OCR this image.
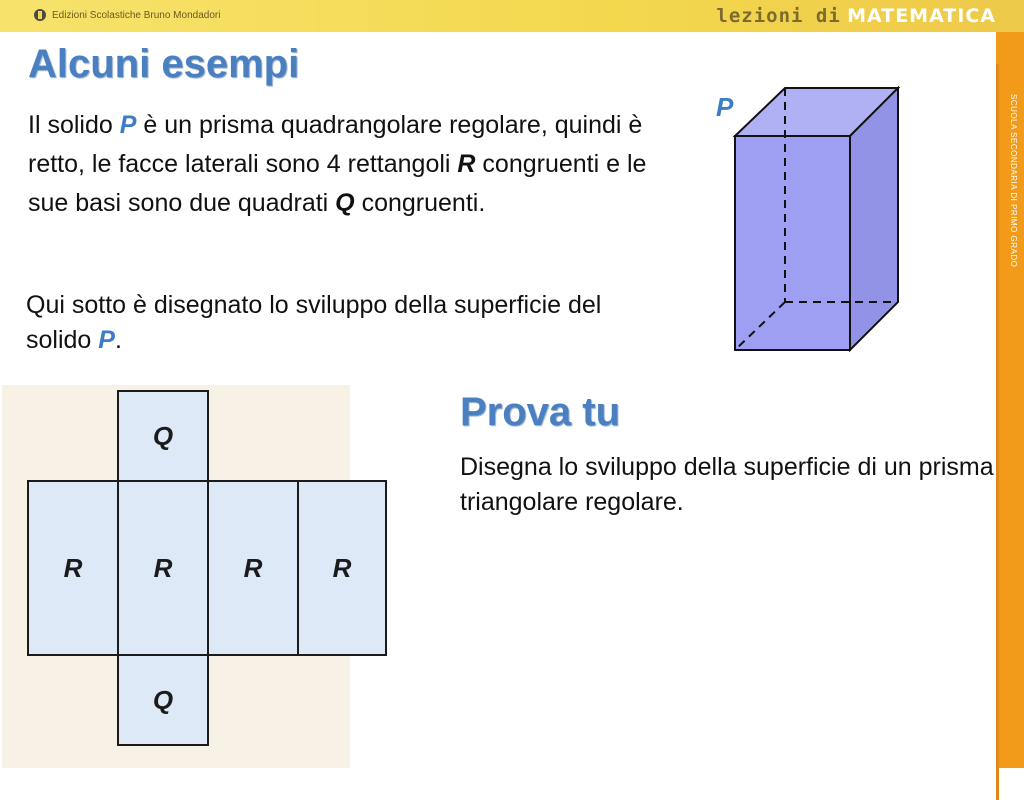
Edizioni Scolastiche Bruno Mondadori	lezioni di MATEMATICA
SCUOLA SECONDARIA DI PRIMO GRADO
Alcuni esempi
Il solido P è un prisma quadrangolare regolare, quindi è retto, le facce laterali sono 4 rettangoli R congruenti e le sue basi sono due quadrati Q congruenti.
Qui sotto è disegnato lo sviluppo della superficie del solido P.
P
Q
R	R	R	R
Q
Prova tu
Disegna lo sviluppo della superficie di un prisma triangolare regolare.
